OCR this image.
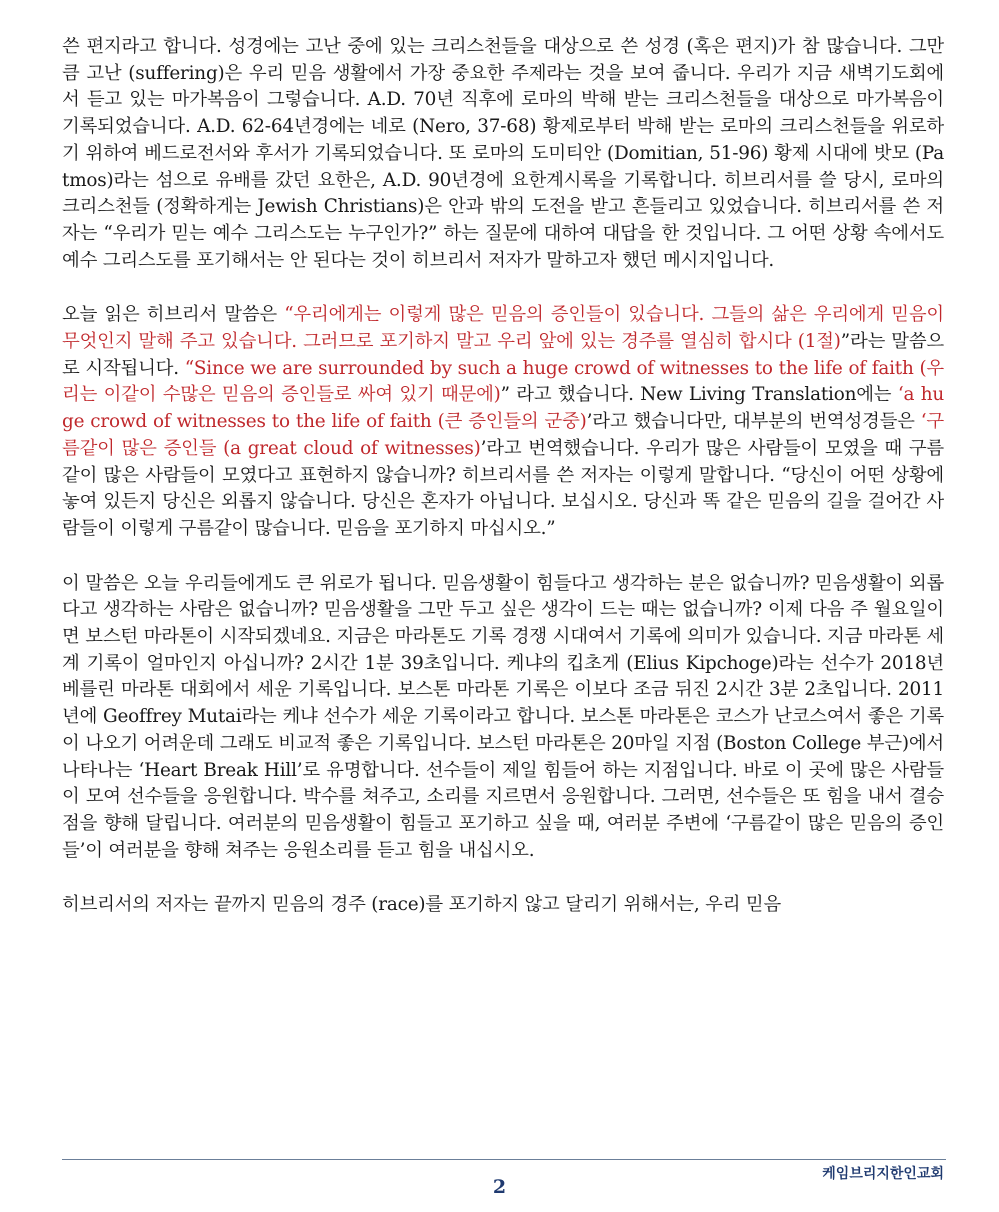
쓴 편지라고 합니다. 성경에는 고난 중에 있는 크리스천들을 대상으로 쓴 성경 (혹은 편지)가 참 많습니다. 그만큼 고난 (suffering)은 우리 믿음 생활에서 가장 중요한 주제라는 것을 보여 줍니다. 우리가 지금 새벽기도회에서 듣고 있는 마가복음이 그렇습니다. A.D. 70년 직후에 로마의 박해 받는 크리스천들을 대상으로 마가복음이 기록되었습니다. A.D. 62-64년경에는 네로 (Nero, 37-68) 황제로부터 박해 받는 로마의 크리스천들을 위로하기 위하여 베드로전서와 후서가 기록되었습니다. 또 로마의 도미티안 (Domitian, 51-96) 황제 시대에 밧모 (Patmos)라는 섬으로 유배를 갔던 요한은, A.D. 90년경에 요한계시록을 기록합니다. 히브리서를 쓸 당시, 로마의 크리스천들 (정확하게는 Jewish Christians)은 안과 밖의 도전을 받고 흔들리고 있었습니다. 히브리서를 쓴 저자는 “우리가 믿는 예수 그리스도는 누구인가?” 하는 질문에 대하여 대답을 한 것입니다. 그 어떤 상황 속에서도 예수 그리스도를 포기해서는 안 된다는 것이 히브리서 저자가 말하고자 했던 메시지입니다.

오늘 읽은 히브리서 말씀은 “우리에게는 이렇게 많은 믿음의 증인들이 있습니다. 그들의 삶은 우리에게 믿음이 무엇인지 말해 주고 있습니다. 그러므로 포기하지 말고 우리 앞에 있는 경주를 열심히 합시다 (1절)”라는 말씀으로 시작됩니다. “Since we are surrounded by such a huge crowd of witnesses to the life of faith (우리는 이같이 수많은 믿음의 증인들로 싸여 있기 때문에)” 라고 했습니다. New Living Translation에는 ‘a huge crowd of witnesses to the life of faith (큰 증인들의 군중)’라고 했습니다만, 대부분의 번역성경들은 ‘구름같이 많은 증인들 (a great cloud of witnesses)’라고 번역했습니다. 우리가 많은 사람들이 모였을 때 구름같이 많은 사람들이 모였다고 표현하지 않습니까? 히브리서를 쓴 저자는 이렇게 말합니다. “당신이 어떤 상황에 놓여 있든지 당신은 외롭지 않습니다. 당신은 혼자가 아닙니다. 보십시오. 당신과 똑 같은 믿음의 길을 걸어간 사람들이 이렇게 구름같이 많습니다. 믿음을 포기하지 마십시오.”

이 말씀은 오늘 우리들에게도 큰 위로가 됩니다. 믿음생활이 힘들다고 생각하는 분은 없습니까? 믿음생활이 외롭다고 생각하는 사람은 없습니까? 믿음생활을 그만 두고 싶은 생각이 드는 때는 없습니까? 이제 다음 주 월요일이면 보스턴 마라톤이 시작되겠네요. 지금은 마라톤도 기록 경쟁 시대여서 기록에 의미가 있습니다. 지금 마라톤 세계 기록이 얼마인지 아십니까? 2시간 1분 39초입니다. 케냐의 킵초게 (Elius Kipchoge)라는 선수가 2018년 베를린 마라톤 대회에서 세운 기록입니다. 보스톤 마라톤 기록은 이보다 조금 뒤진 2시간 3분 2초입니다. 2011년에 Geoffrey Mutai라는 케냐 선수가 세운 기록이라고 합니다. 보스톤 마라톤은 코스가 난코스여서 좋은 기록이 나오기 어려운데 그래도 비교적 좋은 기록입니다. 보스턴 마라톤은 20마일 지점 (Boston College 부근)에서 나타나는 ‘Heart Break Hill’로 유명합니다. 선수들이 제일 힘들어 하는 지점입니다. 바로 이 곳에 많은 사람들이 모여 선수들을 응원합니다. 박수를 쳐주고, 소리를 지르면서 응원합니다. 그러면, 선수들은 또 힘을 내서 결승점을 향해 달립니다. 여러분의 믿음생활이 힘들고 포기하고 싶을 때, 여러분 주변에 ‘구름같이 많은 믿음의 증인들’이 여러분을 향해 쳐주는 응원소리를 듣고 힘을 내십시오.

히브리서의 저자는 끝까지 믿음의 경주 (race)를 포기하지 않고 달리기 위해서는, 우리 믿음

케임브리지한인교회
2
